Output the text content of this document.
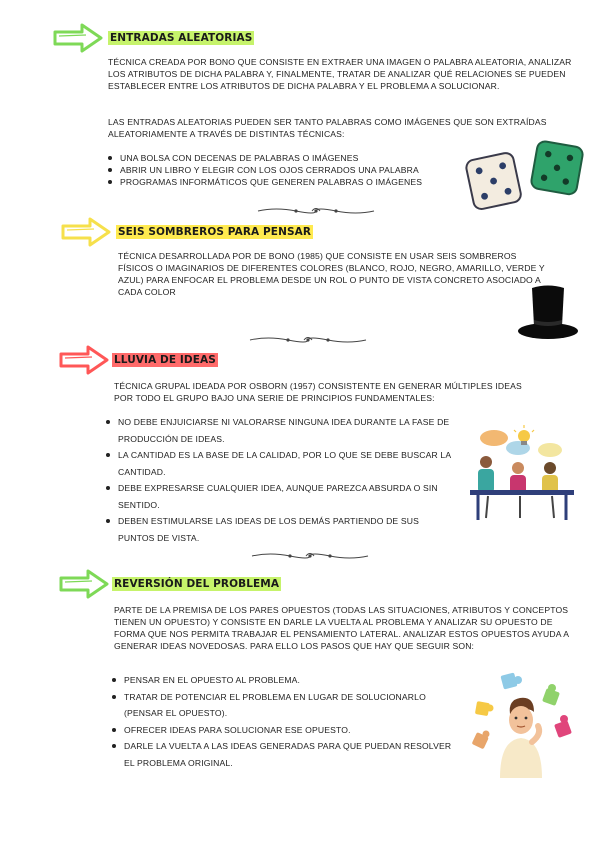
ENTRADAS ALEATORIAS
TÉCNICA CREADA POR BONO QUE CONSISTE EN EXTRAER UNA IMAGEN O PALABRA ALEATORIA, ANALIZAR LOS ATRIBUTOS DE DICHA PALABRA Y, FINALMENTE, TRATAR DE ANALIZAR QUÉ RELACIONES SE PUEDEN ESTABLECER ENTRE LOS ATRIBUTOS DE DICHA PALABRA Y EL PROBLEMA A SOLUCIONAR.
LAS ENTRADAS ALEATORIAS PUEDEN SER TANTO PALABRAS COMO IMÁGENES QUE SON EXTRAÍDAS ALEATORIAMENTE A TRAVÉS DE DISTINTAS TÉCNICAS:
UNA BOLSA CON DECENAS DE PALABRAS O IMÁGENES
ABRIR UN LIBRO Y ELEGIR CON LOS OJOS CERRADOS UNA PALABRA
PROGRAMAS INFORMÁTICOS QUE GENEREN PALABRAS O IMÁGENES
SEIS SOMBREROS PARA PENSAR
TÉCNICA DESARROLLADA POR DE BONO (1985) QUE CONSISTE EN USAR SEIS SOMBREROS FÍSICOS O IMAGINARIOS DE DIFERENTES COLORES (BLANCO, ROJO, NEGRO, AMARILLO, VERDE Y AZUL) PARA ENFOCAR EL PROBLEMA DESDE UN ROL O PUNTO DE VISTA CONCRETO ASOCIADO A CADA COLOR
LLUVIA DE IDEAS
TÉCNICA GRUPAL IDEADA POR OSBORN (1957) CONSISTENTE EN GENERAR MÚLTIPLES IDEAS POR TODO EL GRUPO BAJO UNA SERIE DE PRINCIPIOS FUNDAMENTALES:
NO DEBE ENJUICIARSE NI VALORARSE NINGUNA IDEA DURANTE LA FASE DE PRODUCCIÓN DE IDEAS.
LA CANTIDAD ES LA BASE DE LA CALIDAD, POR LO QUE SE DEBE BUSCAR LA CANTIDAD.
DEBE EXPRESARSE CUALQUIER IDEA, AUNQUE PAREZCA ABSURDA O SIN SENTIDO.
DEBEN ESTIMULARSE LAS IDEAS DE LOS DEMÁS PARTIENDO DE SUS PUNTOS DE VISTA.
REVERSIÓN DEL PROBLEMA
PARTE DE LA PREMISA DE LOS PARES OPUESTOS (TODAS LAS SITUACIONES, ATRIBUTOS Y CONCEPTOS TIENEN UN OPUESTO) Y CONSISTE EN DARLE LA VUELTA AL PROBLEMA Y ANALIZAR SU OPUESTO DE FORMA QUE NOS PERMITA TRABAJAR EL PENSAMIENTO LATERAL. ANALIZAR ESTOS OPUESTOS AYUDA A GENERAR IDEAS NOVEDOSAS. PARA ELLO LOS PASOS QUE HAY QUE SEGUIR SON:
PENSAR EN EL OPUESTO AL PROBLEMA.
TRATAR DE POTENCIAR EL PROBLEMA EN LUGAR DE SOLUCIONARLO (PENSAR EL OPUESTO).
OFRECER IDEAS PARA SOLUCIONAR ESE OPUESTO.
DARLE LA VUELTA A LAS IDEAS GENERADAS PARA QUE PUEDAN RESOLVER EL PROBLEMA ORIGINAL.
